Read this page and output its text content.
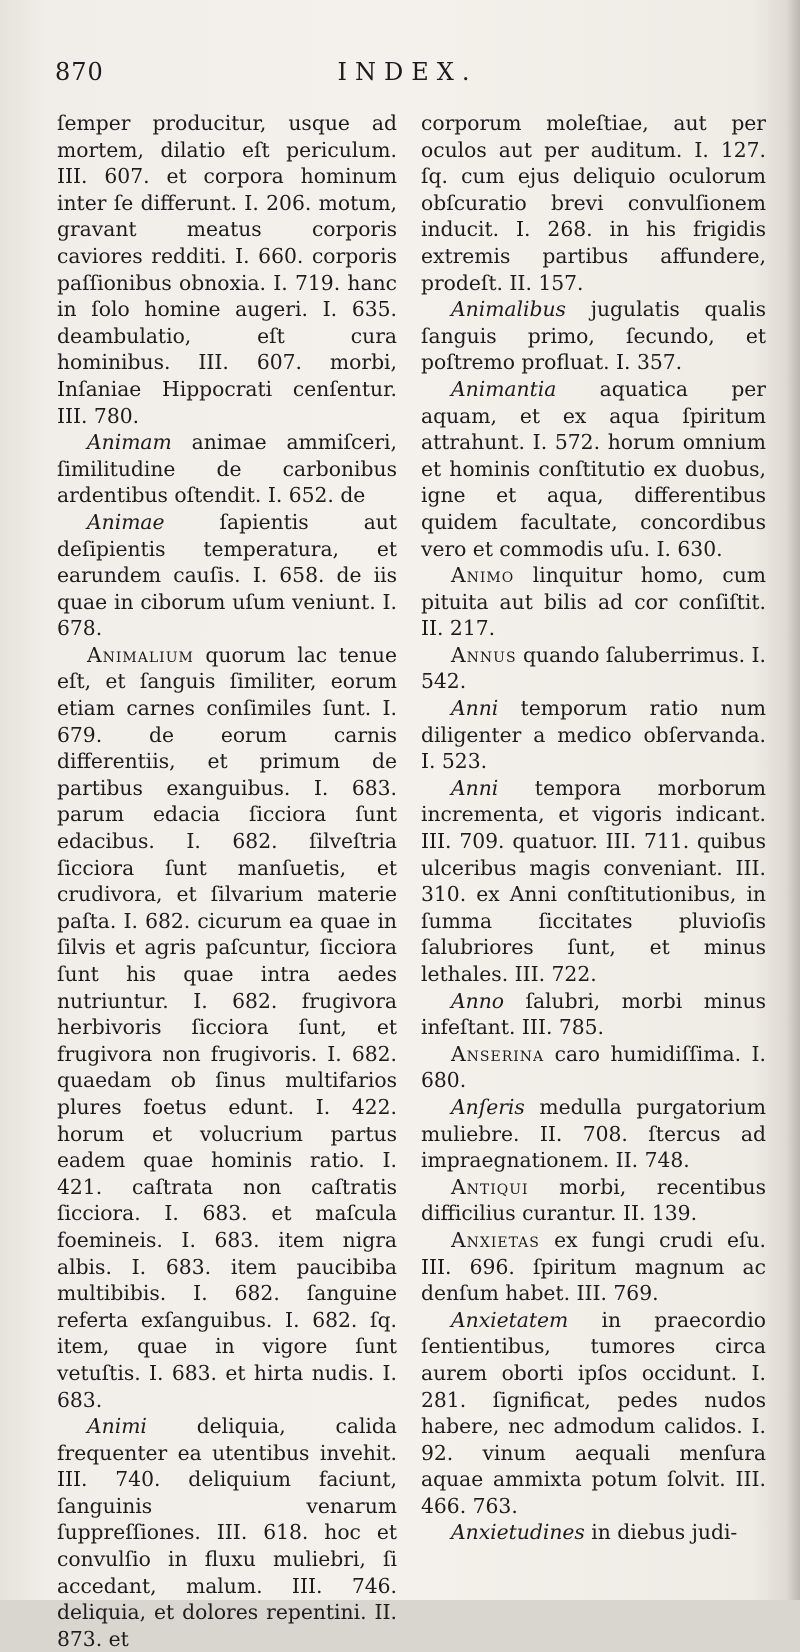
870	INDEX.

ſemper producitur, usque ad mortem, dilatio eſt periculum. III. 607. et corpora hominum inter ſe differunt. I. 206. motum, gravant meatus corporis caviores redditi. I. 660. corporis paſſionibus obnoxia. I. 719. hanc in ſolo homine augeri. I. 635. deambulatio, eſt cura hominibus. III. 607. morbi, Inſaniae Hippocrati cenſentur. III. 780.

Animam animae ammiſceri, ſimilitudine de carbonibus ardentibus oſtendit. I. 652. de

Animae ſapientis aut deſipientis temperatura, et earundem cauſis. I. 658. de iis quae in ciborum uſum veniunt. I. 678.

Animalium quorum lac tenue eſt, et ſanguis ſimiliter, eorum etiam carnes conſimiles ſunt. I. 679. de eorum carnis differentiis, et primum de partibus exanguibus. I. 683. parum edacia ſicciora ſunt edacibus. I. 682. ſilveſtria ſicciora ſunt manſuetis, et crudivora, et ſilvarium materie paſta. I. 682. cicurum ea quae in ſilvis et agris paſcuntur, ſicciora ſunt his quae intra aedes nutriuntur. I. 682. frugivora herbivoris ſicciora ſunt, et frugivora non frugivoris. I. 682. quaedam ob ſinus multifarios plures foetus edunt. I. 422. horum et volucrium partus eadem quae hominis ratio. I. 421. caſtrata non caſtratis ſicciora. I. 683. et maſcula foemineis. I. 683. item nigra albis. I. 683. item paucibiba multibibis. I. 682. ſanguine referta exſanguibus. I. 682. ſq. item, quae in vigore ſunt vetuſtis. I. 683. et hirta nudis. I. 683.

Animi deliquia, calida frequenter ea utentibus invehit. III. 740. deliquium faciunt, ſanguinis venarum ſuppreſſiones. III. 618. hoc et convulſio in fluxu muliebri, ſi accedant, malum. III. 746. deliquia, et dolores repentini. II. 873. et

corporum moleſtiae, aut per oculos aut per auditum. I. 127. ſq. cum ejus deliquio oculorum obſcuratio brevi convulſionem inducit. I. 268. in his frigidis extremis partibus affundere, prodeſt. II. 157.

Animalibus jugulatis qualis ſanguis primo, ſecundo, et poſtremo profluat. I. 357.

Animantia aquatica per aquam, et ex aqua ſpiritum attrahunt. I. 572. horum omnium et hominis conſtitutio ex duobus, igne et aqua, differentibus quidem facultate, concordibus vero et commodis uſu. I. 630.

Animo linquitur homo, cum pituita aut bilis ad cor conſiſtit. II. 217.

Annus quando ſaluberrimus. I. 542.

Anni temporum ratio num diligenter a medico obſervanda. I. 523.

Anni tempora morborum incrementa, et vigoris indicant. III. 709. quatuor. III. 711. quibus ulceribus magis conveniant. III. 310. ex Anni conſtitutionibus, in ſumma ſiccitates pluvioſis ſalubriores ſunt, et minus lethales. III. 722.

Anno ſalubri, morbi minus infeſtant. III. 785.

Anserina caro humidiſſima. I. 680.

Anſeris medulla purgatorium muliebre. II. 708. ſtercus ad impraegnationem. II. 748.

Antiqui morbi, recentibus difficilius curantur. II. 139.

Anxietas ex fungi crudi eſu. III. 696. ſpiritum magnum ac denſum habet. III. 769.

Anxietatem in praecordio ſentientibus, tumores circa aurem oborti ipſos occidunt. I. 281. ſignificat, pedes nudos habere, nec admodum calidos. I. 92. vinum aequali menſura aquae ammixta potum ſolvit. III. 466. 763.

Anxietudines in diebus judi-
